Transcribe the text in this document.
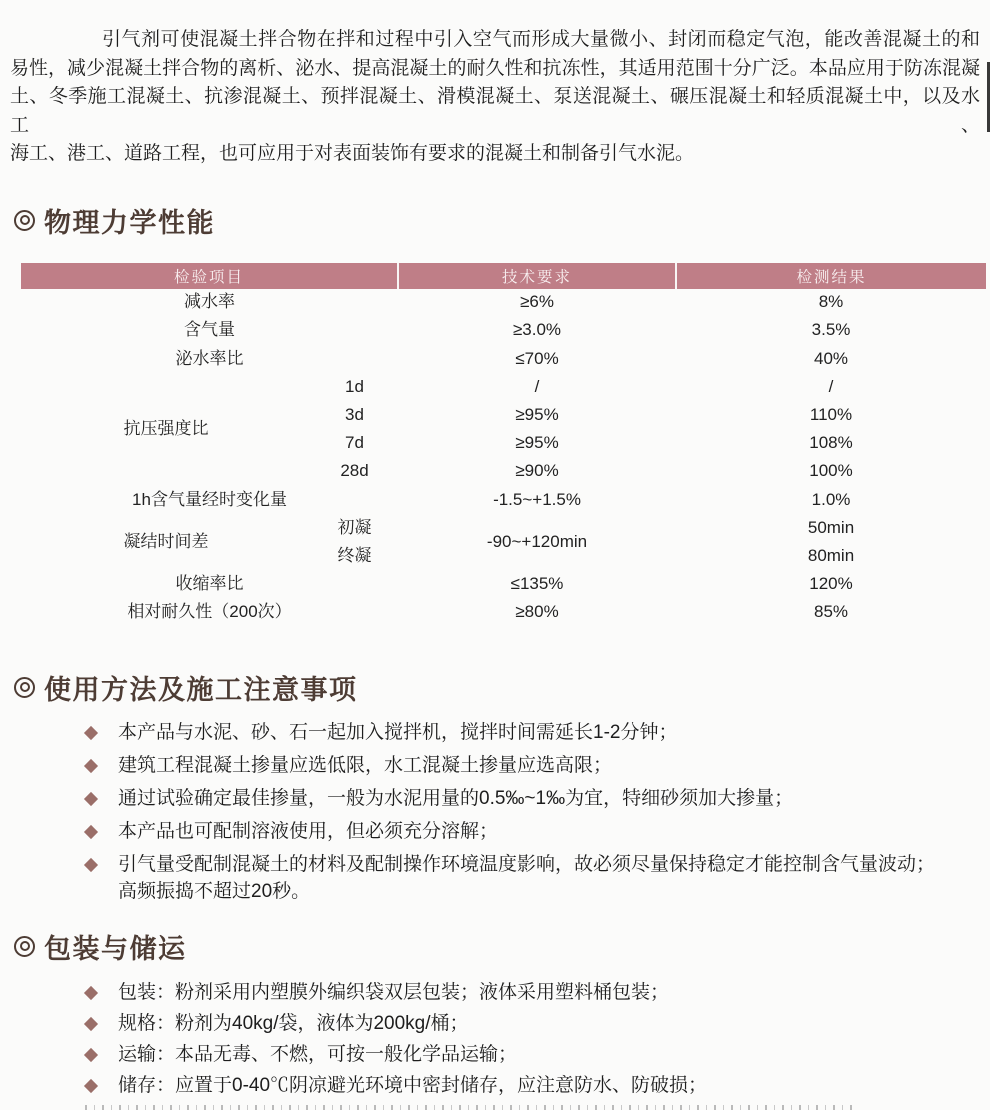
引气剂可使混凝土拌合物在拌和过程中引入空气而形成大量微小、封闭而稳定气泡，能改善混凝土的和
易性，减少混凝土拌合物的离析、泌水、提高混凝土的耐久性和抗冻性，其适用范围十分广泛。本品应用于防冻混凝
土、冬季施工混凝土、抗渗混凝土、预拌混凝土、滑模混凝土、泵送混凝土、碾压混凝土和轻质混凝土中，以及水工、
海工、港工、道路工程，也可应用于对表面装饰有要求的混凝土和制备引气水泥。
物理力学性能
检验项目		技术要求	检测结果
减水率		≥6%	8%
含气量		≥3.0%	3.5%
泌水率比		≤70%	40%
抗压强度比	1d	/	/
	3d	≥95%	110%
	7d	≥95%	108%
	28d	≥90%	100%
1h含气量经时变化量		-1.5~+1.5%	1.0%
凝结时间差	初凝	-90~+120min	50min
	终凝		80min
收缩率比		≤135%	120%
相对耐久性（200次）		≥80%	85%
使用方法及施工注意事项
本产品与水泥、砂、石一起加入搅拌机，搅拌时间需延长1-2分钟；
建筑工程混凝土掺量应选低限，水工混凝土掺量应选高限；
通过试验确定最佳掺量，一般为水泥用量的0.5‰~1‰为宜，特细砂须加大掺量；
本产品也可配制溶液使用，但必须充分溶解；
引气量受配制混凝土的材料及配制操作环境温度影响，故必须尽量保持稳定才能控制含气量波动；
高频振捣不超过20秒。
包装与储运
包装：粉剂采用内塑膜外编织袋双层包装；液体采用塑料桶包装；
规格：粉剂为40kg/袋，液体为200kg/桶；
运输：本品无毒、不燃，可按一般化学品运输；
储存：应置于0-40℃阴凉避光环境中密封储存，应注意防水、防破损；
